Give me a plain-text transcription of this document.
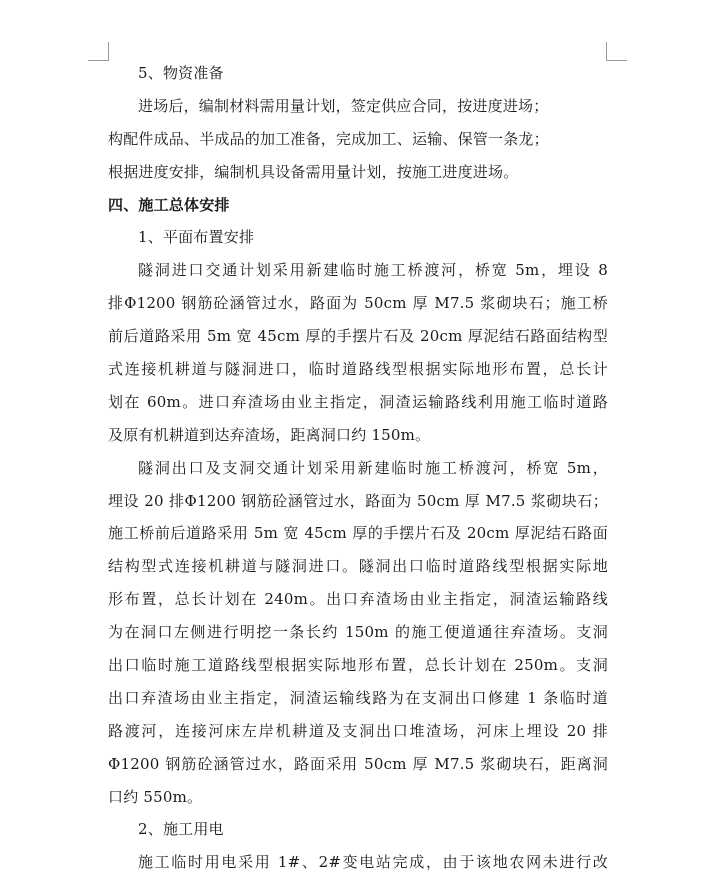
5、物资准备
进场后，编制材料需用量计划，签定供应合同，按进度进场；
构配件成品、半成品的加工准备，完成加工、运输、保管一条龙；
根据进度安排，编制机具设备需用量计划，按施工进度进场。
四、施工总体安排
1、平面布置安排
隧洞进口交通计划采用新建临时施工桥渡河，桥宽 5m，埋设 8
排Φ1200 钢筋砼涵管过水，路面为 50cm 厚 M7.5 浆砌块石；施工桥
前后道路采用 5m 宽 45cm 厚的手摆片石及 20cm 厚泥结石路面结构型
式连接机耕道与隧洞进口，临时道路线型根据实际地形布置，总长计
划在 60m。进口弃渣场由业主指定，洞渣运输路线利用施工临时道路
及原有机耕道到达弃渣场，距离洞口约 150m。
隧洞出口及支洞交通计划采用新建临时施工桥渡河，桥宽 5m，
埋设 20 排Φ1200 钢筋砼涵管过水，路面为 50cm 厚 M7.5 浆砌块石；
施工桥前后道路采用 5m 宽 45cm 厚的手摆片石及 20cm 厚泥结石路面
结构型式连接机耕道与隧洞进口。隧洞出口临时道路线型根据实际地
形布置，总长计划在 240m。出口弃渣场由业主指定，洞渣运输路线
为在洞口左侧进行明挖一条长约 150m 的施工便道通往弃渣场。支洞
出口临时施工道路线型根据实际地形布置，总长计划在 250m。支洞
出口弃渣场由业主指定，洞渣运输线路为在支洞出口修建 1 条临时道
路渡河，连接河床左岸机耕道及支洞出口堆渣场，河床上埋设 20 排
Φ1200 钢筋砼涵管过水，路面采用 50cm 厚 M7.5 浆砌块石，距离洞
口约 550m。
2、施工用电
施工临时用电采用 1#、2#变电站完成，由于该地农网未进行改
